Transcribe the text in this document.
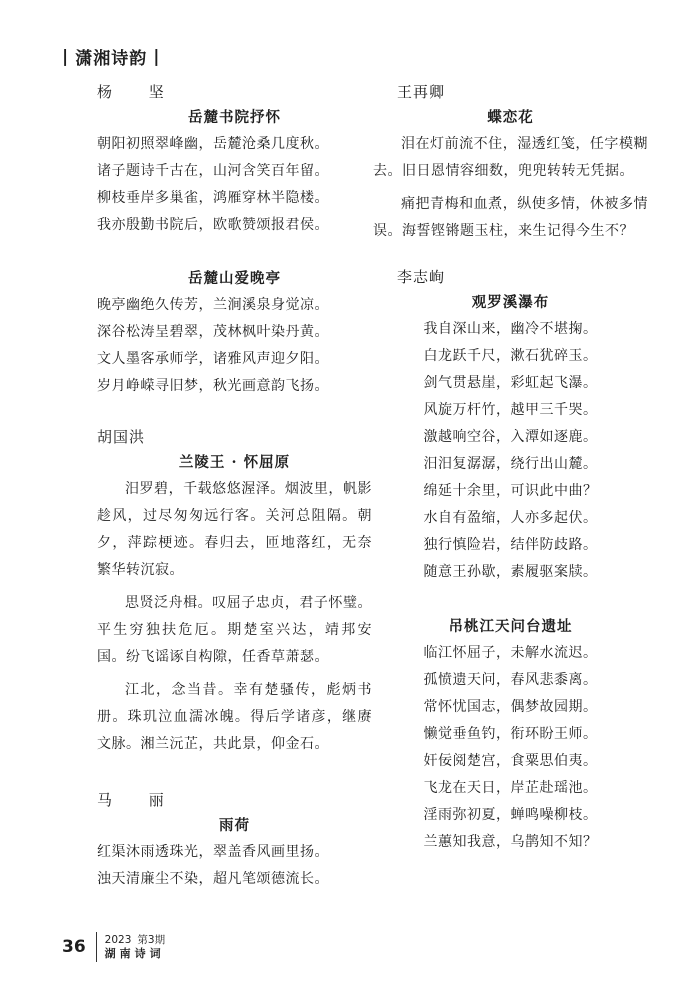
| 潇湘诗韵 |
杨 坚
岳麓书院抒怀
朝阳初照翠峰幽，岳麓沧桑几度秋。
诸子题诗千古在，山河含笑百年留。
柳枝垂岸多巢雀，鸿雁穿林半隐楼。
我亦殷勤书院后，欧歌赞颂报君侯。
岳麓山爱晚亭
晚亭幽绝久传芳，兰涧溪泉身觉凉。
深谷松涛呈碧翠，茂林枫叶染丹黄。
文人墨客承师学，诸雅风声迎夕阳。
岁月峥嵘寻旧梦，秋光画意韵飞扬。
胡国洪
兰陵王 · 怀屈原

汨罗碧，千载悠悠渥泽。烟波里，帆影趁风，过尽匆匆远行客。关河总阻隔。朝夕，萍踪梗迹。春归去，匝地落红，无奈繁华转沉寂。

思贤泛舟楫。叹屈子忠贞，君子怀璧。平生穷独扶危厄。期楚室兴达，靖邦安国。纷飞谣诼自构隙，任香草萧瑟。

江北，念当昔。幸有楚骚传，彪炳书册。珠玑泣血濡冰魄。得后学诸彦，继赓文脉。湘兰沅芷，共此景，仰金石。

马 丽
雨荷
红渠沐雨透珠光，翠盖香风画里扬。
浊天清廉尘不染，超凡笔颂德流长。
王再卿
蝶恋花

泪在灯前流不住，湿透红笺，任字模糊去。旧日恩情容细数，兜兜转转无凭据。

痛把青梅和血煮，纵使多情，休被多情误。海誓铿锵题玉柱，来生记得今生不？

李志峋
观罗溪瀑布
我自深山来，幽冷不堪掬。
白龙跃千尺，漱石犹碎玉。
剑气贯悬崖，彩虹起飞瀑。
风旋万杆竹，越甲三千哭。
激越响空谷，入潭如逐鹿。
汨汨复潺潺，绕行出山麓。
绵延十余里，可识此中曲？
水自有盈缩，人亦多起伏。
独行慎险岩，结伴防歧路。
随意王孙歇，素履驱案牍。
吊桃江天问台遗址
临江怀屈子，未解水流迟。
孤愤遗天问，春风悲黍离。
常怀忧国志，偶梦故园期。
懒觉垂鱼钓，衔环盼王师。
奸佞阅楚宫，食粟思伯夷。
飞龙在天日，岸芷赴瑶池。
淫雨弥初夏，蝉鸣噪柳枝。
兰蕙知我意，乌鹊知不知？
36 2023 第3期
湖南诗词
